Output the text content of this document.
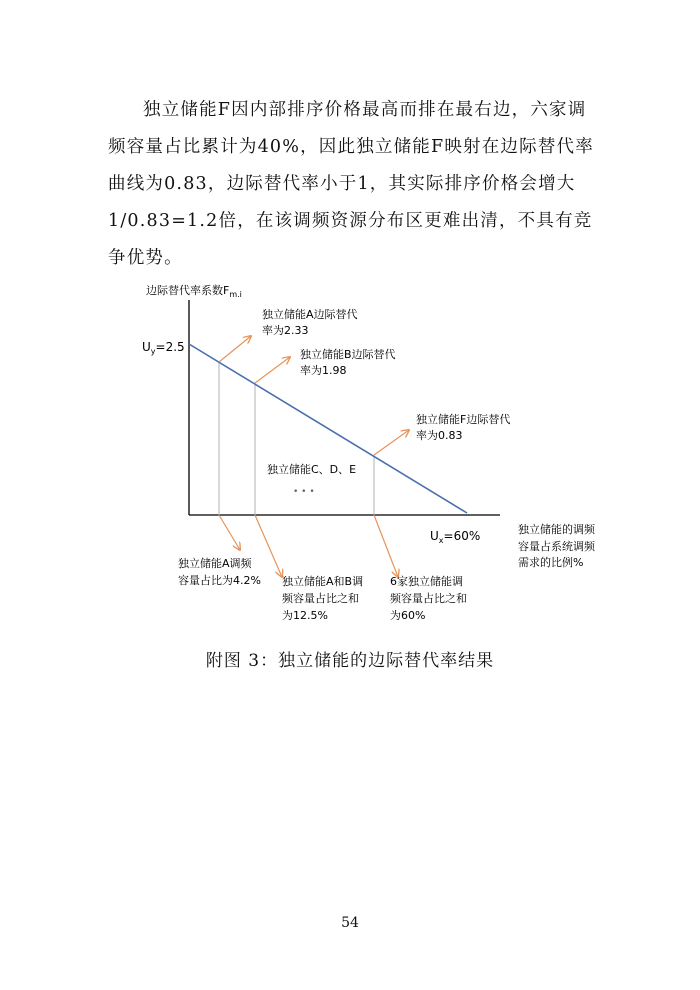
独立储能F因内部排序价格最高而排在最右边，六家调频容量占比累计为40%，因此独立储能F映射在边际替代率曲线为0.83，边际替代率小于1，其实际排序价格会增大1/0.83=1.2倍，在该调频资源分布区更难出清，不具有竞争优势。

边际替代率系数$F_{m.i}$
$U_y=2.5$
$U_x=60\%$	独立储能的调频
容量占系统调频
需求的比例%
独立储能A边际替代
率为2.33
独立储能B边际替代
率为1.98
独立储能F边际替代
率为0.83
独立储能C、D、E
• • •
独立储能A调频
容量占比为4.2% 独立储能A和B调
频容量占比之和
为12.5%
6家独立储能调
频容量占比之和
为60%
附图 3：独立储能的边际替代率结果
54
